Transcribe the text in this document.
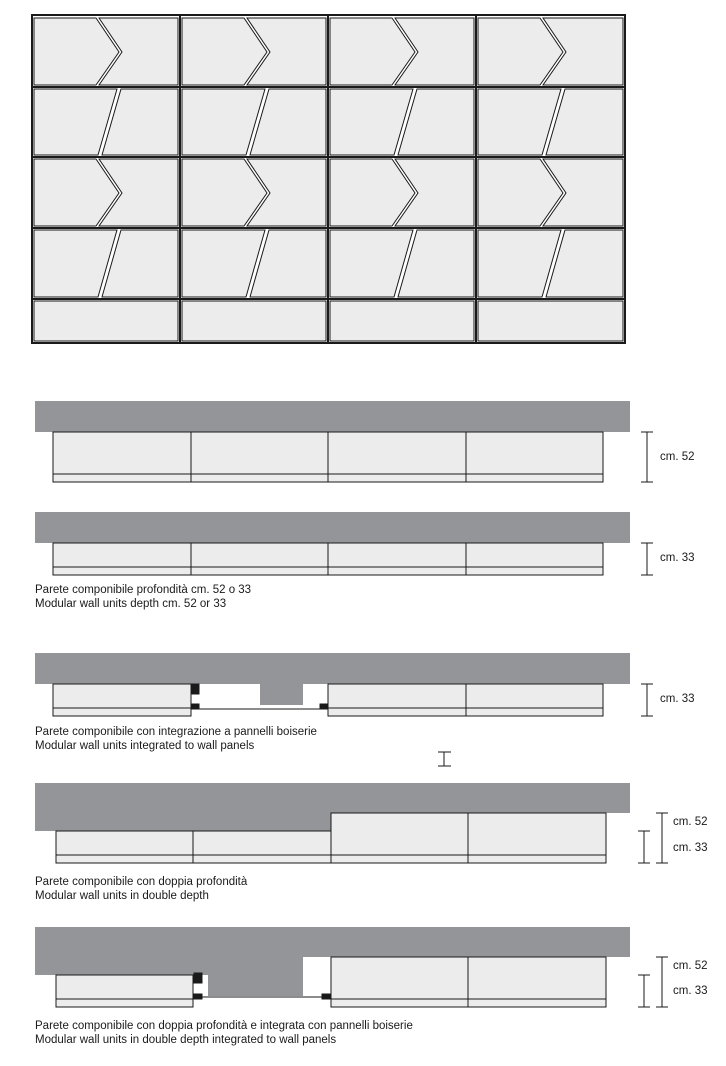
cm. 52
cm. 33
cm. 33
cm. 52
cm. 33
cm. 52
cm. 33
Parete componibile profondità cm. 52 o 33
Modular wall units depth cm. 52 or 33
Parete componibile con integrazione a pannelli boiserie
Modular wall units integrated to wall panels
Parete componibile con doppia profondità
Modular wall units in double depth
Parete componibile con doppia profondità e integrata con pannelli boiserie
Modular wall units in double depth integrated to wall panels
